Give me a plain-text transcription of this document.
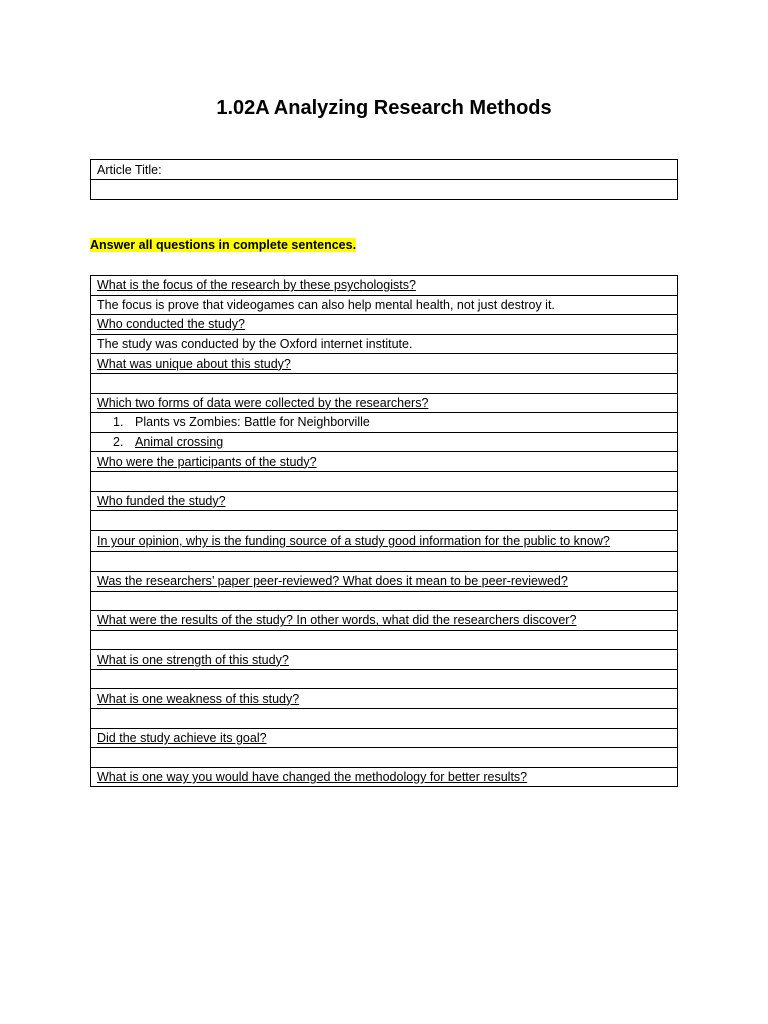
1.02A Analyzing Research Methods
Article Title:

Answer all questions in complete sentences.
What is the focus of the research by these psychologists?
The focus is prove that videogames can also help mental health, not just destroy it.
Who conducted the study?
The study was conducted by the Oxford internet institute.
What was unique about this study?

Which two forms of data were collected by the researchers?
1. Plants vs Zombies: Battle for Neighborville
2. Animal crossing
Who were the participants of the study?

Who funded the study?

In your opinion, why is the funding source of a study good information for the public to know?

Was the researchers’ paper peer-reviewed? What does it mean to be peer-reviewed?

What were the results of the study? In other words, what did the researchers discover?

What is one strength of this study?

What is one weakness of this study?

Did the study achieve its goal?

What is one way you would have changed the methodology for better results?
